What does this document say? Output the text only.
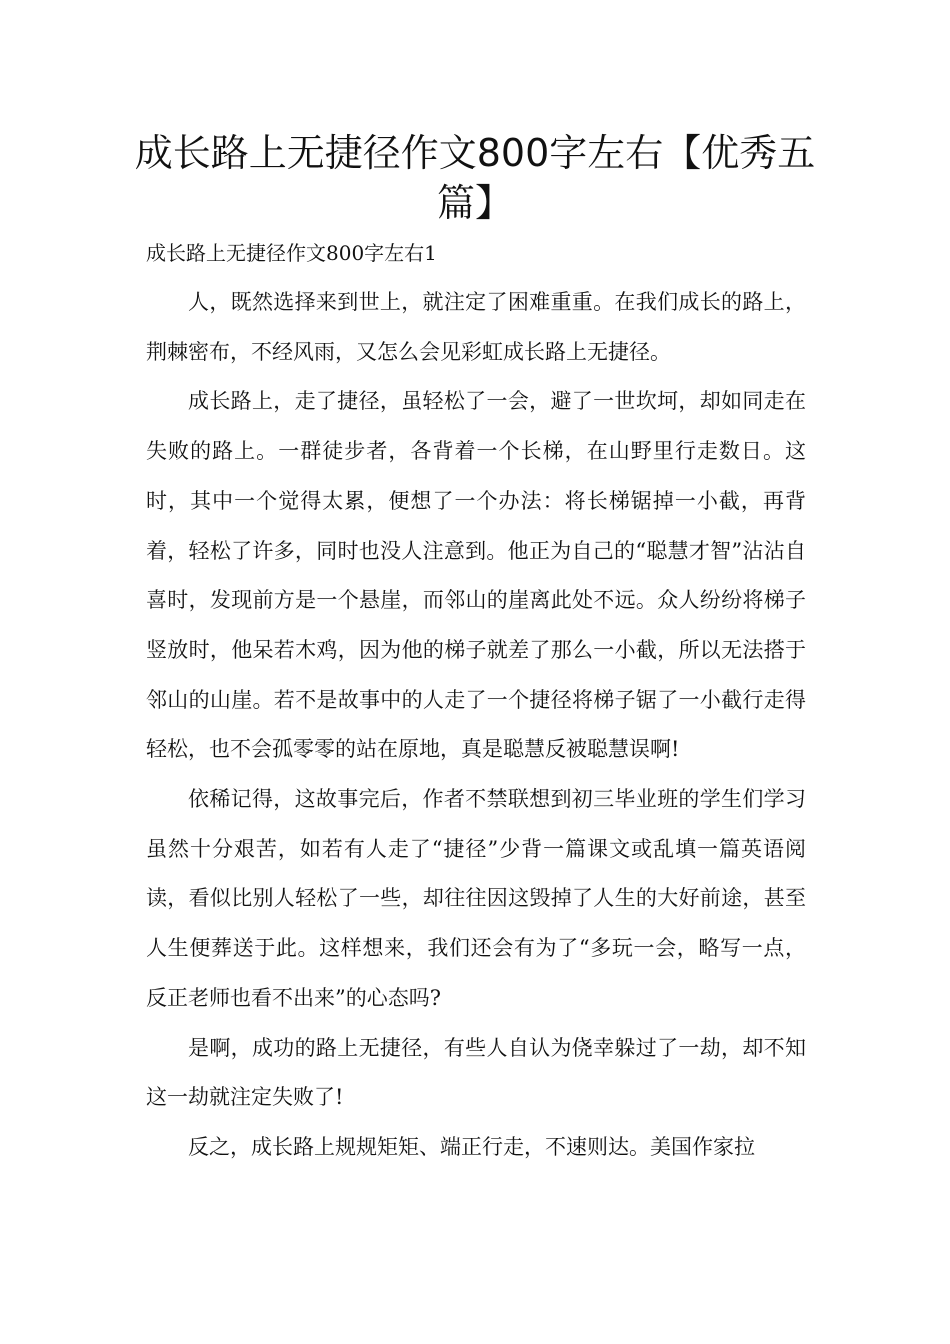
成长路上无捷径作文800字左右【优秀五篇】

成长路上无捷径作文800字左右1

人，既然选择来到世上，就注定了困难重重。在我们成长的路上，荆棘密布，不经风雨，又怎么会见彩虹成长路上无捷径。

成长路上，走了捷径，虽轻松了一会，避了一世坎坷，却如同走在失败的路上。一群徒步者，各背着一个长梯，在山野里行走数日。这时，其中一个觉得太累，便想了一个办法：将长梯锯掉一小截，再背着，轻松了许多，同时也没人注意到。他正为自己的“聪慧才智”沾沾自喜时，发现前方是一个悬崖，而邻山的崖离此处不远。众人纷纷将梯子竖放时，他呆若木鸡，因为他的梯子就差了那么一小截，所以无法搭于邻山的山崖。若不是故事中的人走了一个捷径将梯子锯了一小截行走得轻松，也不会孤零零的站在原地，真是聪慧反被聪慧误啊!

依稀记得，这故事完后，作者不禁联想到初三毕业班的学生们学习虽然十分艰苦，如若有人走了“捷径”少背一篇课文或乱填一篇英语阅读，看似比别人轻松了一些，却往往因这毁掉了人生的大好前途，甚至人生便葬送于此。这样想来，我们还会有为了“多玩一会，略写一点，反正老师也看不出来”的心态吗?

是啊，成功的路上无捷径，有些人自认为侥幸躲过了一劫，却不知这一劫就注定失败了!

反之，成长路上规规矩矩、端正行走，不速则达。美国作家拉
